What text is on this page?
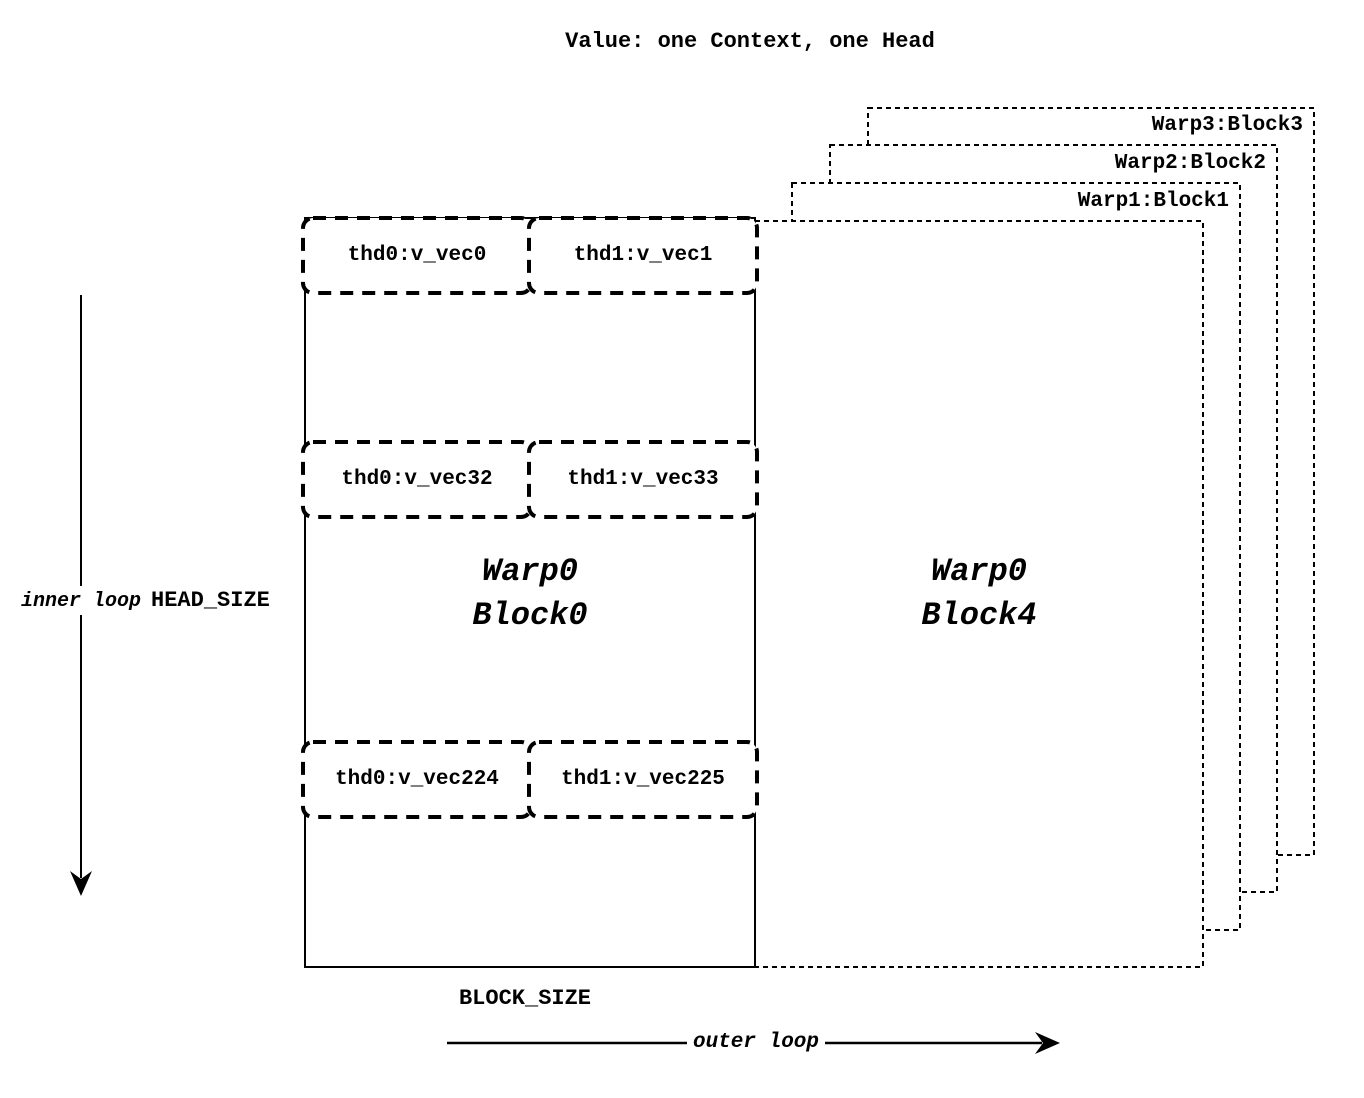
Value: one Context, one Head
Warp1:Block1
Warp2:Block2
Warp3:Block3
thd0:v_vec0	thd1:v_vec1
thd0:v_vec32	thd1:v_vec33
thd0:v_vec224	thd1:v_vec225
Warp0
Block0
Warp0
Block4
inner loop HEAD_SIZE
BLOCK_SIZE
outer loop
